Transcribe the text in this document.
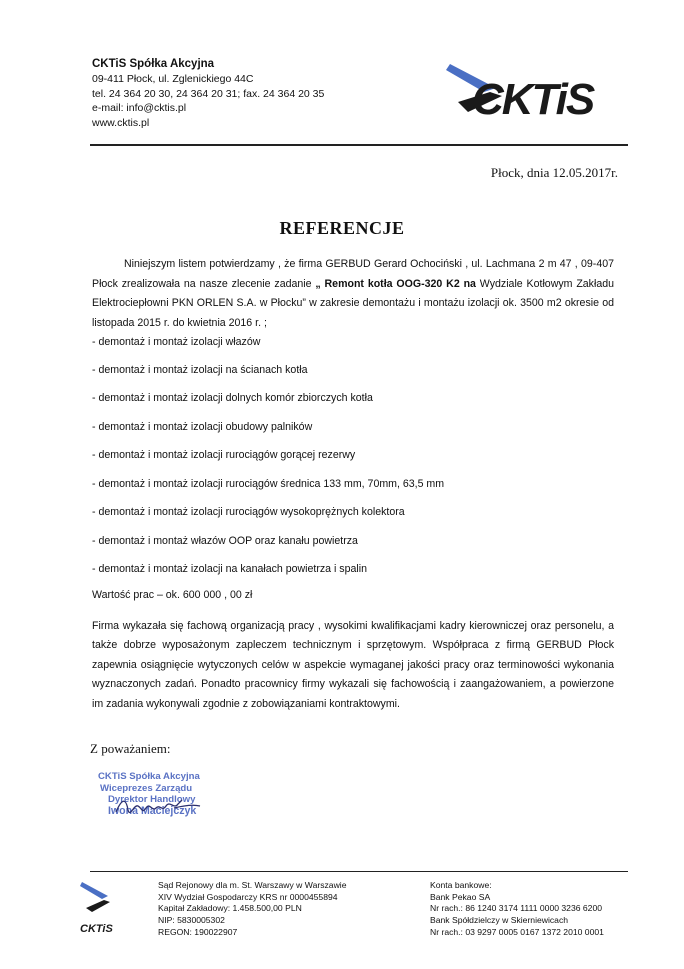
CKTiS Spółka Akcyjna
09-411 Płock, ul. Zglenickiego 44C
tel. 24 364 20 30, 24 364 20 31; fax. 24 364 20 35
e-mail: info@cktis.pl
www.cktis.pl	CKTiS
Płock, dnia 12.05.2017r.
REFERENCJE
Niniejszym listem potwierdzamy , że firma GERBUD Gerard Ochociński , ul. Lachmana 2 m 47 , 09-407 Płock zrealizowała na nasze zlecenie zadanie „ Remont kotła OOG-320 K2 na Wydziale Kotłowym Zakładu Elektrociepłowni PKN ORLEN S.A. w Płocku” w zakresie demontażu i montażu izolacji ok. 3500 m2 okresie od listopada 2015 r. do kwietnia 2016 r. ;
- demontaż i montaż izolacji włazów
- demontaż i montaż izolacji na ścianach kotła
- demontaż i montaż izolacji dolnych komór zbiorczych kotła
- demontaż i montaż izolacji obudowy palników
- demontaż i montaż izolacji rurociągów gorącej rezerwy
- demontaż i montaż izolacji rurociągów średnica 133 mm, 70mm, 63,5 mm
- demontaż i montaż izolacji rurociągów wysokoprężnych kolektora
- demontaż i montaż włazów OOP oraz kanału powietrza
- demontaż i montaż izolacji na kanałach powietrza i spalin
Wartość prac – ok. 600 000 , 00 zł
Firma wykazała się fachową organizacją pracy , wysokimi kwalifikacjami kadry kierowniczej oraz personelu, a także dobrze wyposażonym zapleczem technicznym i sprzętowym. Współpraca z firmą GERBUD Płock zapewnia osiągnięcie wytyczonych celów w aspekcie wymaganej jakości pracy oraz terminowości wykonania wyznaczonych zadań. Ponadto pracownicy firmy wykazali się fachowością i zaangażowaniem, a powierzone im zadania wykonywali zgodnie z zobowiązaniami kontraktowymi.
Z poważaniem:
CKTiS Spółka Akcyjna
Wiceprezes Zarządu
Dyrektor Handlowy
Iwona Maciejczyk
CKTiS
Sąd Rejonowy dla m. St. Warszawy w Warszawie
XIV Wydział Gospodarczy KRS nr 0000455894
Kapitał Zakładowy: 1.458.500,00 PLN
NIP: 5830005302
REGON: 190022907
Konta bankowe:
Bank Pekao SA
Nr rach.: 86 1240 3174 1111 0000 3236 6200
Bank Spółdzielczy w Skierniewicach
Nr rach.: 03 9297 0005 0167 1372 2010 0001
